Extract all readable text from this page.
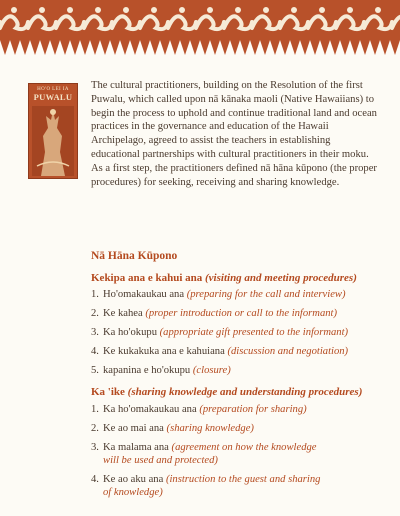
HO'O LEI IA
PUWALU

The cultural practitioners, building on the Resolution of the first Puwalu, which called upon nā kānaka maoli (Native Hawaiians) to begin the process to uphold and continue traditional land and ocean practices in the governance and education of the Hawaii Archipelago, agreed to assist the teachers in establishing educational partnerships with cultural practitioners in their moku. As a first step, the practitioners defined nā hāna kūpono (the proper procedures) for seeking, receiving and sharing knowledge.

Nā Hāna Kūpono
Kekipa ana e kahui ana (visiting and meeting procedures)
1. Ho'omakaukau ana (preparing for the call and interview)
2. Ke kahea (proper introduction or call to the informant)
3. Ka ho'okupu (appropriate gift presented to the informant)
4. Ke kukakuka ana e kahuiana (discussion and negotiation)
5. kapanina e ho'okupu (closure)
Ka 'ike (sharing knowledge and understanding procedures)
1. Ka ho'omakaukau ana (preparation for sharing)
2. Ke ao mai ana (sharing knowledge)
3. Ka malama ana (agreement on how the knowledge will be used and protected)
4. Ke ao aku ana (instruction to the guest and sharing of knowledge)
